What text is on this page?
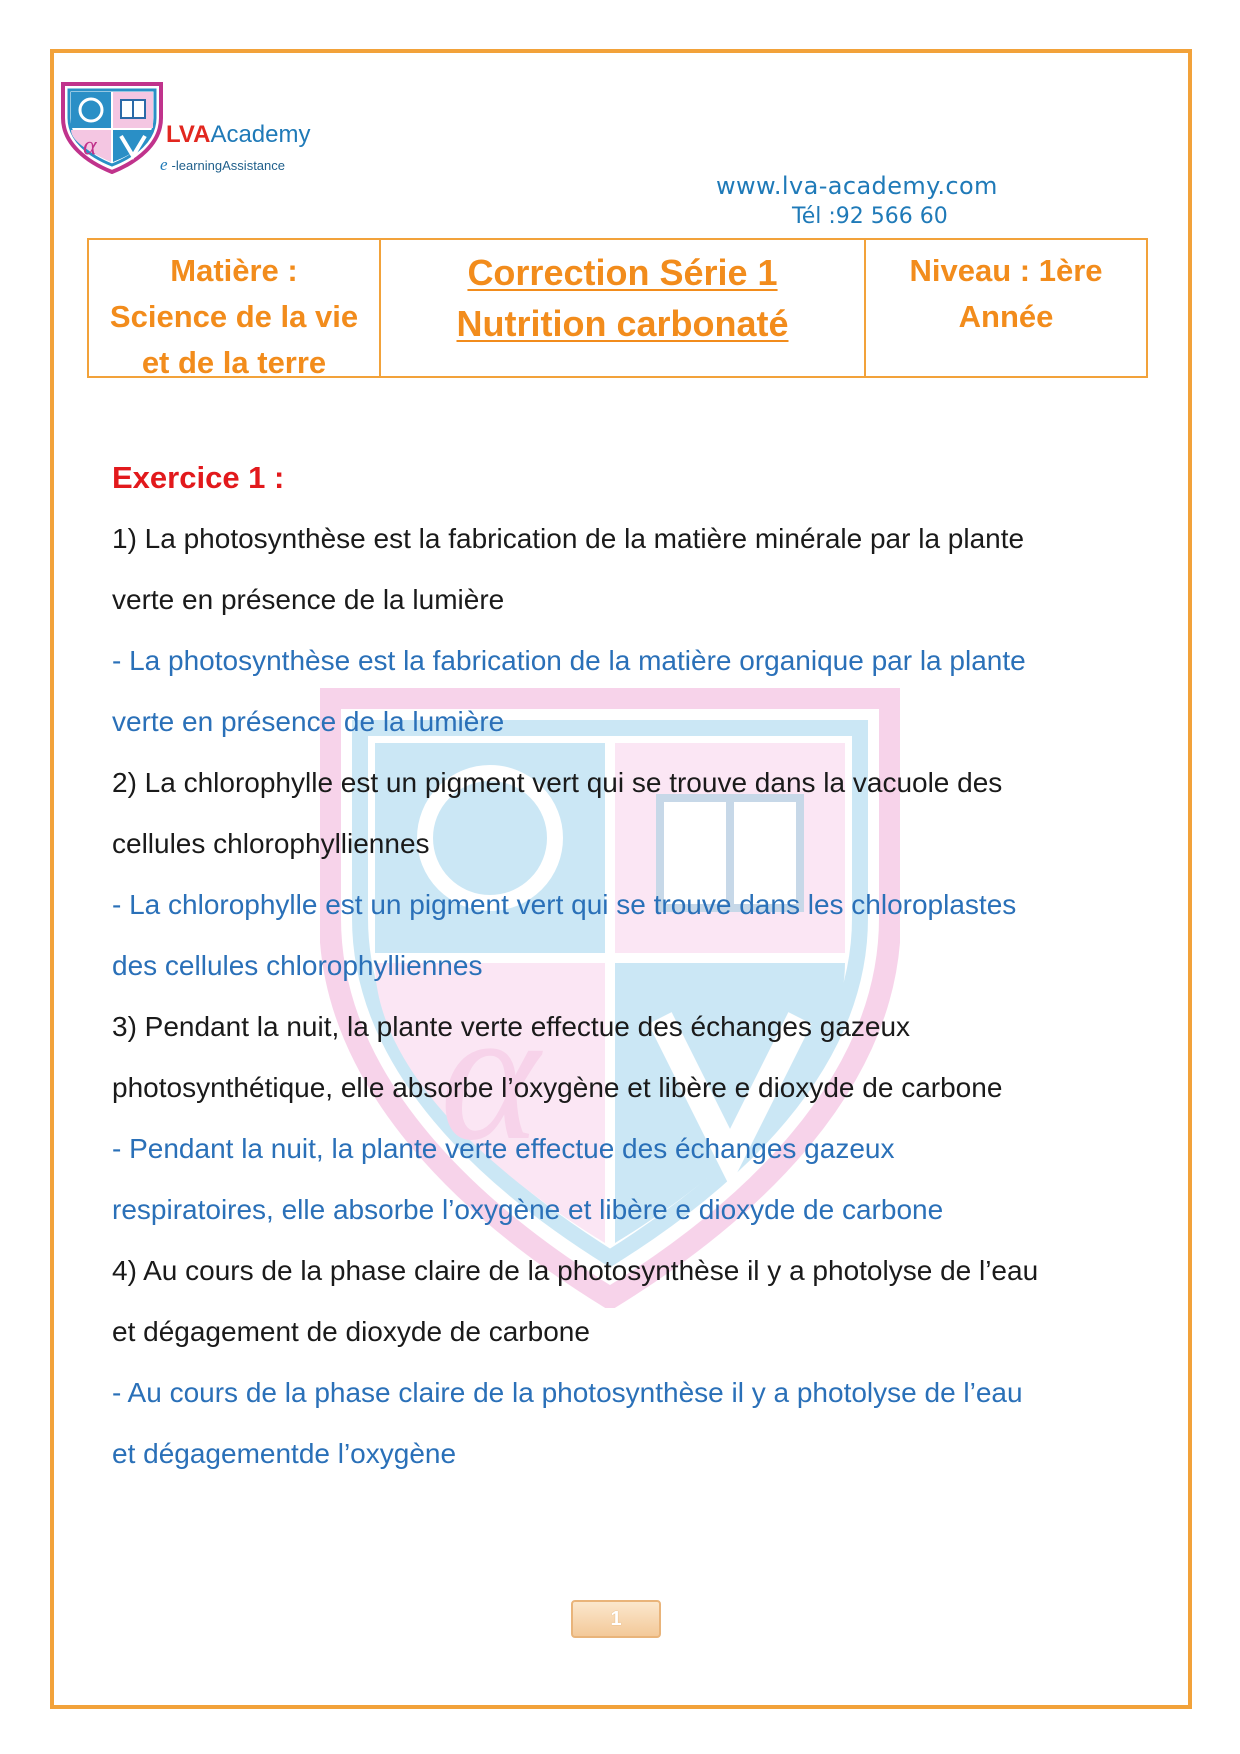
α	LVAAcademy
e -learningAssistance
www.lva-academy.com
Tél :92 566 60
Matière :
Science de la vie
et de la terre
Correction Série 1
Nutrition carbonaté
Niveau : 1ère
Année
α

Exercice 1 :

1) La photosynthèse est la fabrication de la matière minérale par la plante

verte en présence de la lumière

- La photosynthèse est la fabrication de la matière organique par la plante

verte en présence de la lumière

2) La chlorophylle est un pigment vert qui se trouve dans la vacuole des

cellules chlorophylliennes

- La chlorophylle est un pigment vert qui se trouve dans les chloroplastes

des cellules chlorophylliennes

3) Pendant la nuit, la plante verte effectue des échanges gazeux

photosynthétique, elle absorbe l’oxygène et libère e dioxyde de carbone

- Pendant la nuit, la plante verte effectue des échanges gazeux

respiratoires, elle absorbe l’oxygène et libère e dioxyde de carbone

4) Au cours de la phase claire de la photosynthèse il y a photolyse de l’eau

et dégagement de dioxyde de carbone

- Au cours de la phase claire de la photosynthèse il y a photolyse de l’eau

et dégagementde l’oxygène

1
